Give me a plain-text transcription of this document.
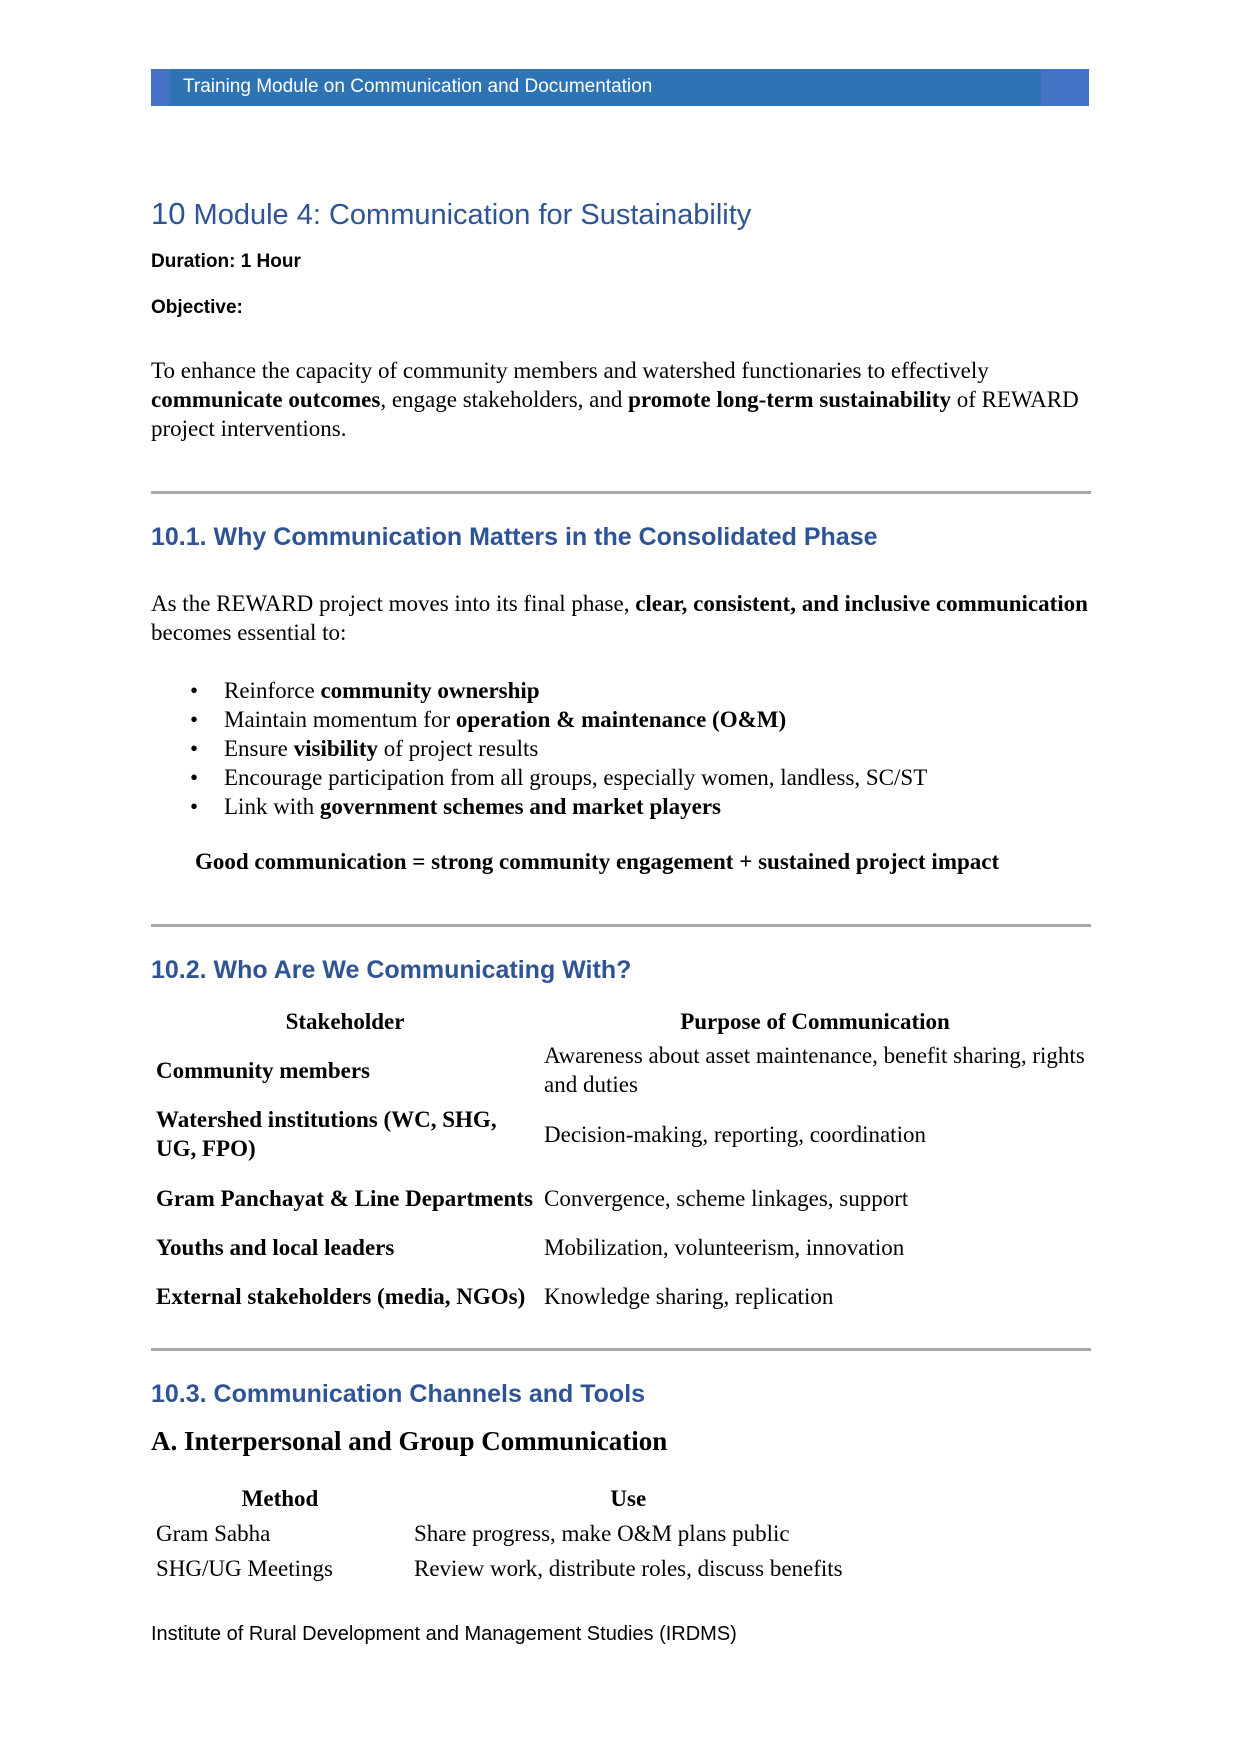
Training Module on Communication and Documentation
10 Module 4: Communication for Sustainability
Duration: 1 Hour
Objective:

To enhance the capacity of community members and watershed functionaries to effectively communicate outcomes, engage stakeholders, and promote long-term sustainability of REWARD project interventions.

10.1. Why Communication Matters in the Consolidated Phase

As the REWARD project moves into its final phase, clear, consistent, and inclusive communication becomes essential to:

• Reinforce community ownership
• Maintain momentum for operation & maintenance (O&M)
• Ensure visibility of project results
• Encourage participation from all groups, especially women, landless, SC/ST
• Link with government schemes and market players
Good communication = strong community engagement + sustained project impact
10.2. Who Are We Communicating With?
Stakeholder	Purpose of Communication
Community members	Awareness about asset maintenance, benefit sharing, rights and duties
Watershed institutions (WC, SHG, UG, FPO)	Decision-making, reporting, coordination
Gram Panchayat & Line Departments	Convergence, scheme linkages, support
Youths and local leaders	Mobilization, volunteerism, innovation
External stakeholders (media, NGOs)	Knowledge sharing, replication
10.3. Communication Channels and Tools
A. Interpersonal and Group Communication
Method	Use
Gram Sabha	Share progress, make O&M plans public
SHG/UG Meetings	Review work, distribute roles, discuss benefits
Institute of Rural Development and Management Studies (IRDMS)
